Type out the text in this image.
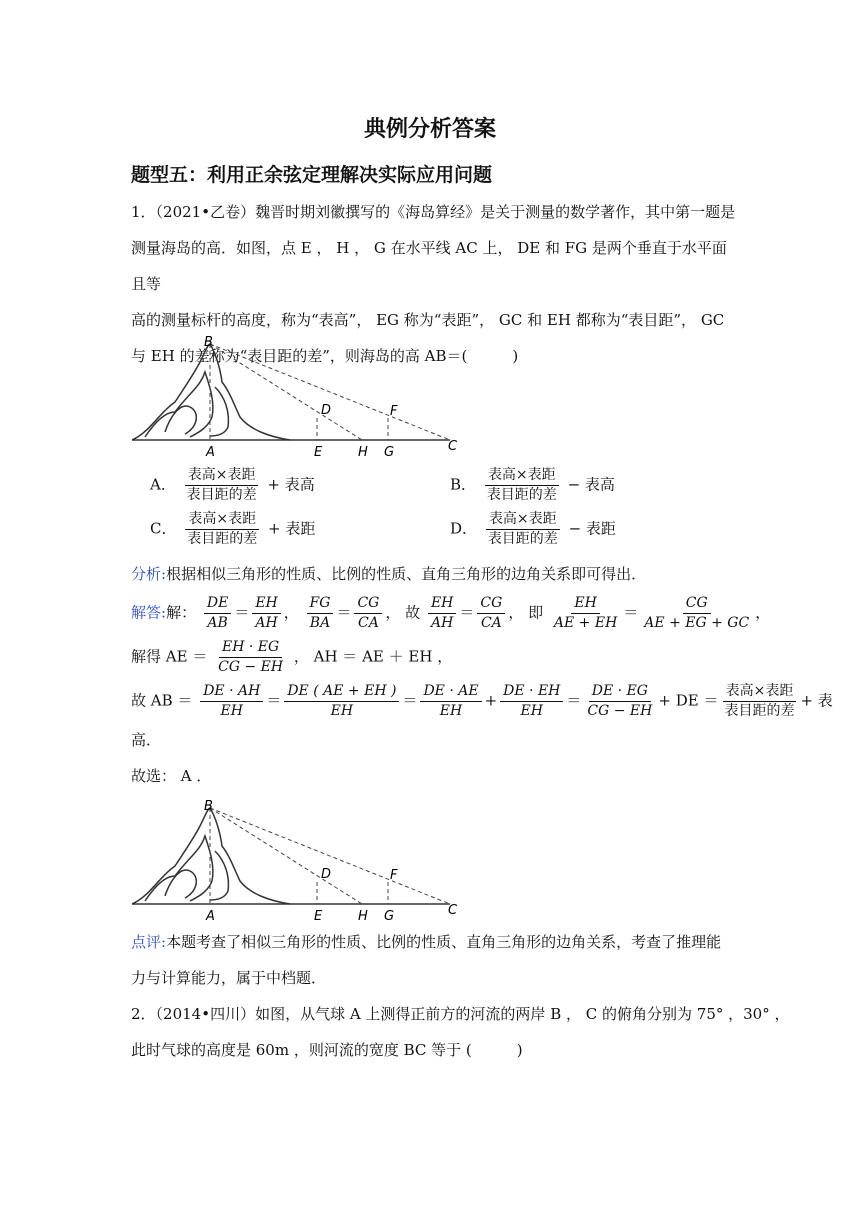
典例分析答案
题型五：利用正余弦定理解决实际应用问题
1．（2021•乙卷）魏晋时期刘徽撰写的《海岛算经》是关于测量的数学著作，其中第一题是
测量海岛的高．如图，点 E ， H ， G 在水平线 AC 上， DE 和 FG 是两个垂直于水平面且等
高的测量标杆的高度，称为“表高”， EG 称为“表距”， GC 和 EH 都称为“表目距”， GC
与 EH 的差称为“表目距的差”，则海岛的高 AB＝(　　　)
B
A
D	F
E	H G	C
A． $\frac{\text{表高×表距}}{\text{表目距的差}}$ + 表高	B． $\frac{\text{表高×表距}}{\text{表目距的差}}$ − 表高
C． $\frac{\text{表高×表距}}{\text{表目距的差}}$ + 表距	D． $\frac{\text{表高×表距}}{\text{表目距的差}}$ − 表距
分析:根据相似三角形的性质、比例的性质、直角三角形的边角关系即可得出．
解答:解： $\frac{DE}{AB} = \frac{EH}{AH}$ ， $\frac{FG}{BA} = \frac{CG}{CA}$ ， 故 $\frac{EH}{AH} = \frac{CG}{CA}$ ， 即 $\frac{EH}{AE + EH} = \frac{CG}{AE + EG + GC}$ ，
解得 AE ＝ $\frac{EH \cdot EG}{CG - EH}$ ， AH ＝ AE ＋ EH ，
故 AB ＝ $\frac{DE \cdot AH}{EH} = \frac{DE ( AE + EH )}{EH} = \frac{DE \cdot AE}{EH} + \frac{DE \cdot EH}{EH} = \frac{DE \cdot EG}{CG - EH}$ + DE ＝ $\frac{\text{表高×表距}}{\text{表目距的差}}$ + 表
高．
故选： A ．
B
A
D	F
E	H G	C
点评:本题考查了相似三角形的性质、比例的性质、直角三角形的边角关系，考查了推理能
力与计算能力，属于中档题．
2．（2014•四川）如图，从气球 A 上测得正前方的河流的两岸 B ， C 的俯角分别为 75° ，30° ，
此时气球的高度是 60m ，则河流的宽度 BC 等于 (　　　)
